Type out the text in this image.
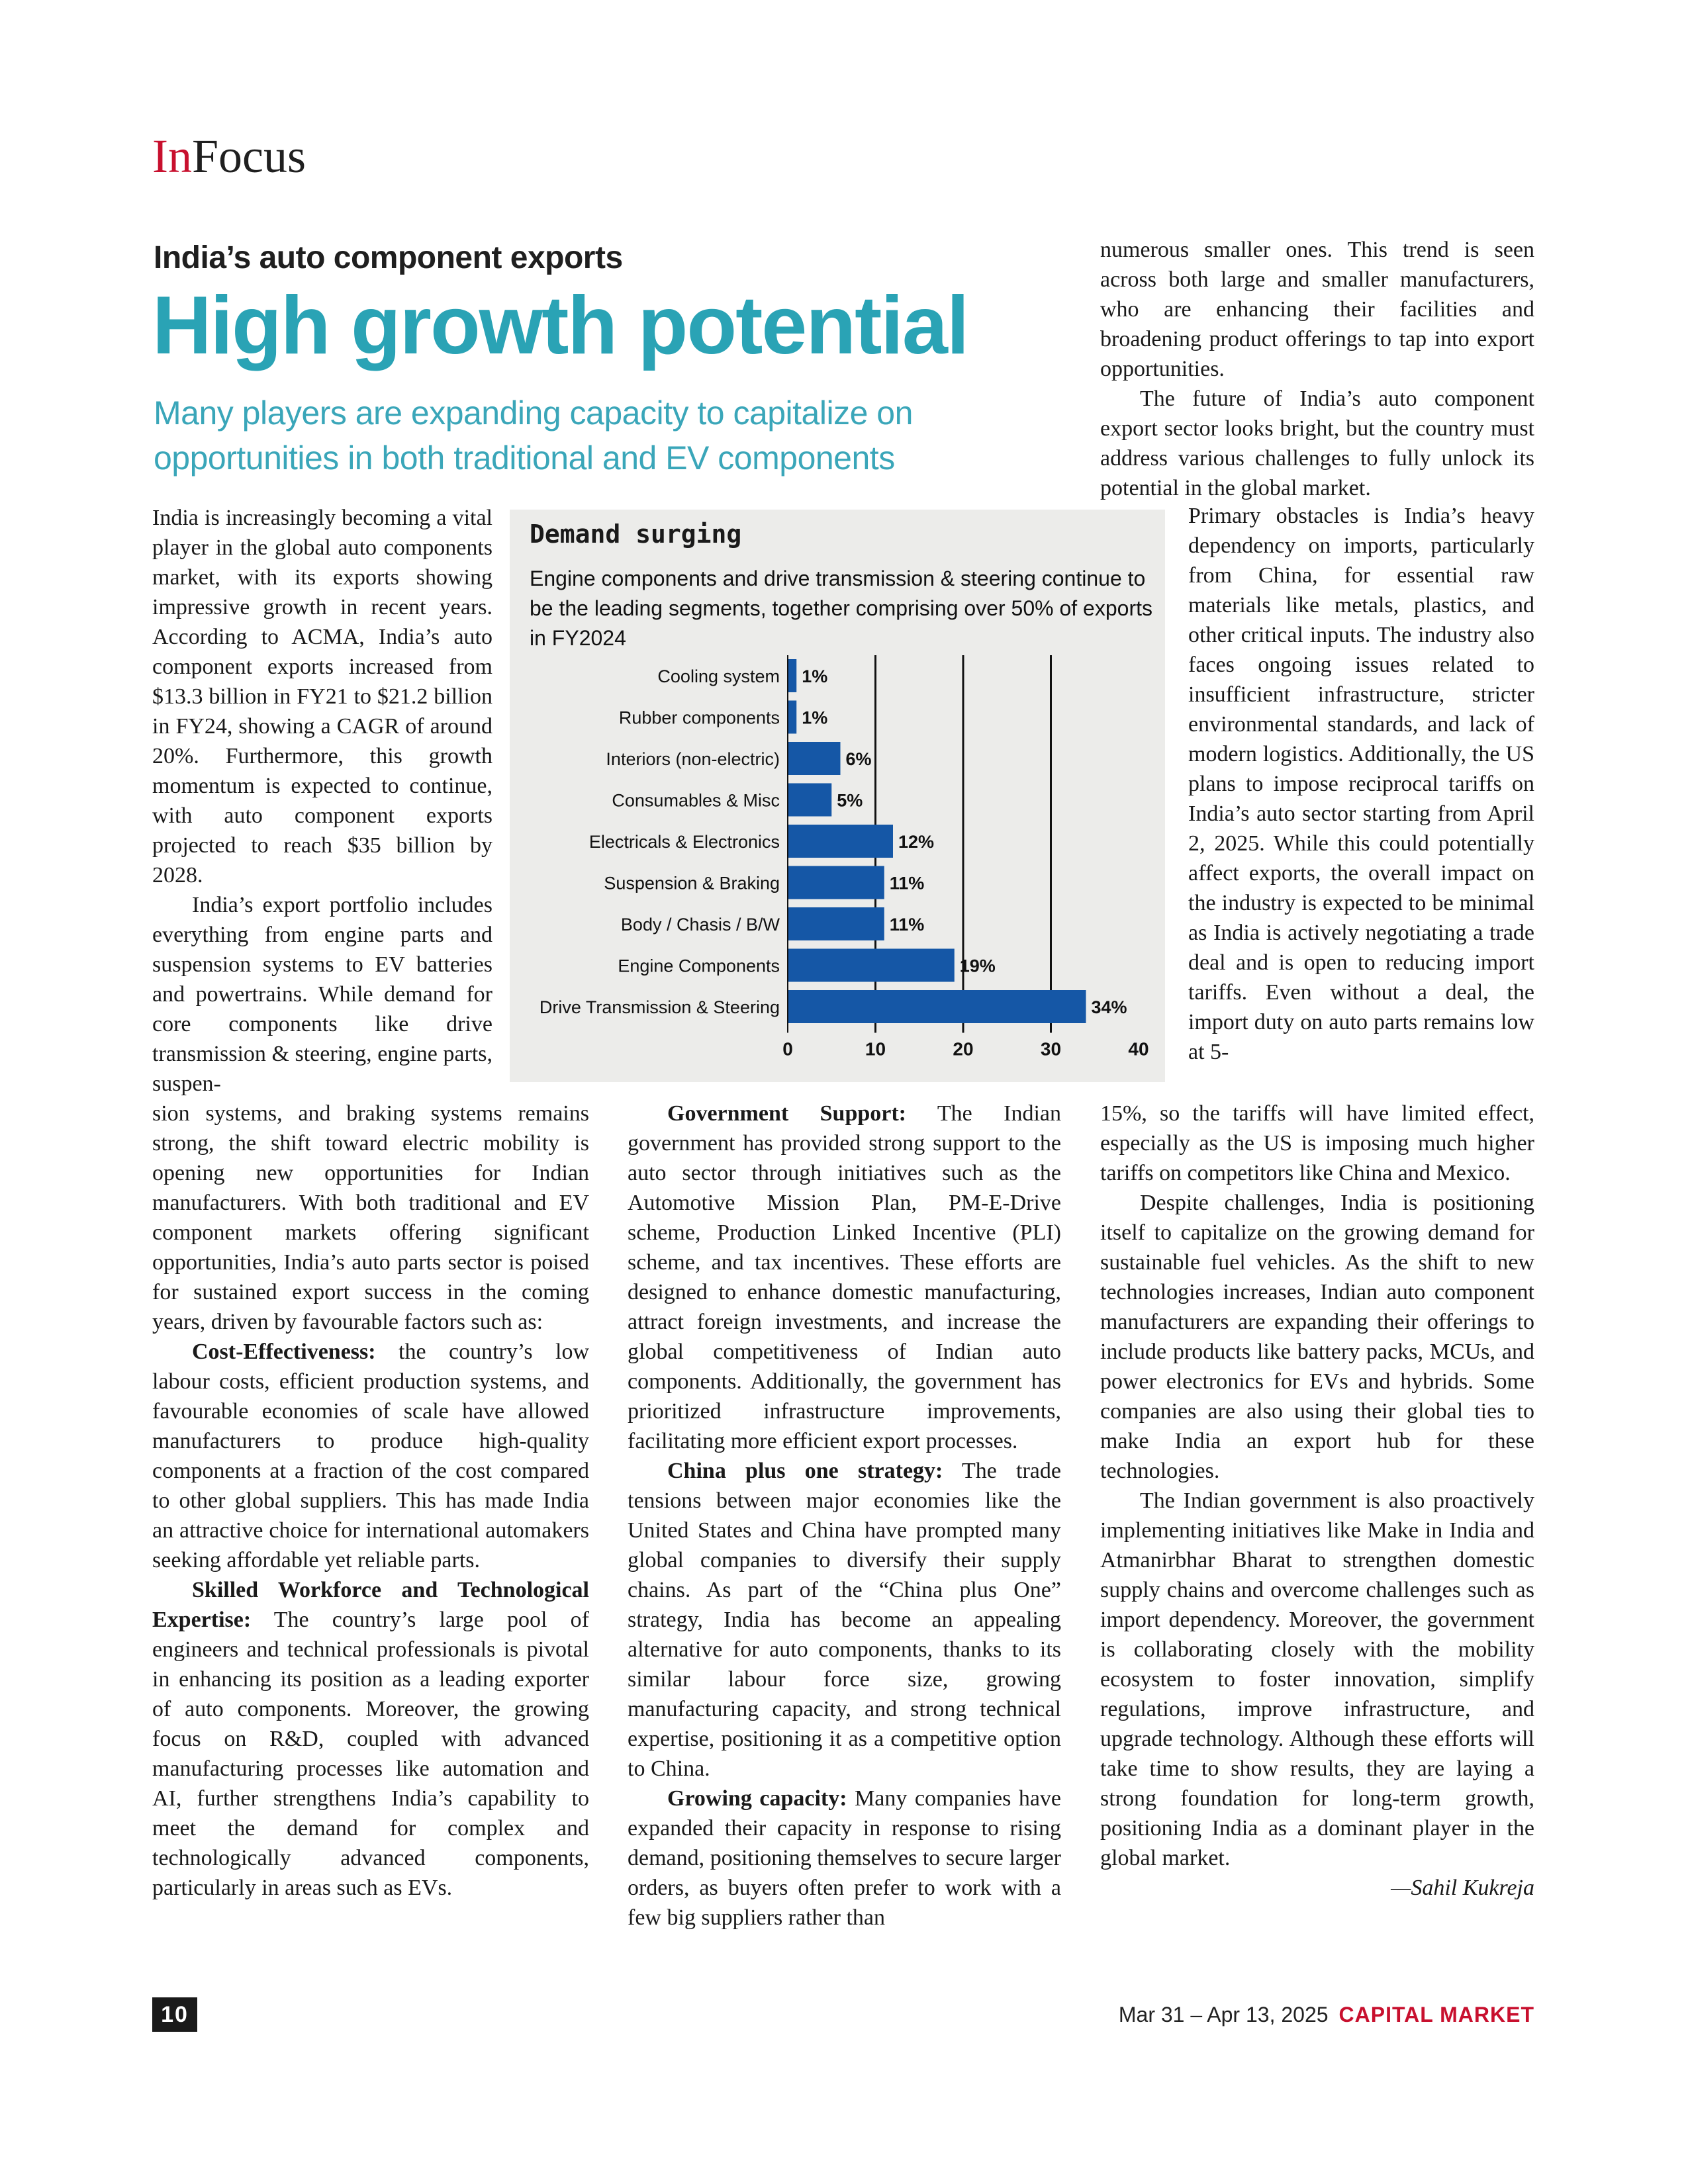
InFocus
India’s auto component exports
High growth potential
Many players are expanding capacity to capitalize on opportunities in both traditional and EV components
Demand surging
Engine components and drive transmission & steering continue to be the leading segments, together comprising over 50% of exports in FY2024
Cooling system 1%
Rubber components 1%
Interiors (non-electric)	6%
Consumables & Misc	5%
Electricals & Electronics	12%
Suspension & Braking	11%
Body / Chasis / B/W	11%
Engine Components	19%
Drive Transmission & Steering	34%
0	10	20	30	40

India is increasingly becoming a vital player in the global auto components market, with its exports showing impressive growth in recent years. According to ACMA, India’s auto component exports increased from $13.3 billion in FY21 to $21.2 billion in FY24, showing a CAGR of around 20%. Furthermore, this growth momentum is expected to continue, with auto component exports projected to reach $35 billion by 2028.

India’s export portfolio includes everything from engine parts and suspension systems to EV batteries and powertrains. While demand for core components like drive transmission & steering, engine parts, suspen-

sion systems, and braking systems remains strong, the shift toward electric mobility is opening new opportunities for Indian manufacturers. With both traditional and EV component markets offering significant opportunities, India’s auto parts sector is poised for sustained export success in the coming years, driven by favourable factors such as:

Cost-Effectiveness: the country’s low labour costs, efficient production systems, and favourable economies of scale have allowed manufacturers to produce high-quality components at a fraction of the cost compared to other global suppliers. This has made India an attractive choice for international automakers seeking affordable yet reliable parts.

Skilled Workforce and Technological Expertise: The country’s large pool of engineers and technical professionals is pivotal in enhancing its position as a leading exporter of auto components. Moreover, the growing focus on R&D, coupled with advanced manufacturing processes like automation and AI, further strengthens India’s capability to meet the demand for complex and technologically advanced components, particularly in areas such as EVs.

Government Support: The Indian government has provided strong support to the auto sector through initiatives such as the Automotive Mission Plan, PM-E-Drive scheme, Production Linked Incentive (PLI) scheme, and tax incentives. These efforts are designed to enhance domestic manufacturing, attract foreign investments, and increase the global competitiveness of Indian auto components. Additionally, the government has prioritized infrastructure improvements, facilitating more efficient export processes.

China plus one strategy: The trade tensions between major economies like the United States and China have prompted many global companies to diversify their supply chains. As part of the “China plus One” strategy, India has become an appealing alternative for auto components, thanks to its similar labour force size, growing manufacturing capacity, and strong technical expertise, positioning it as a competitive option to China.

Growing capacity: Many companies have expanded their capacity in response to rising demand, positioning themselves to secure larger orders, as buyers often prefer to work with a few big suppliers rather than

numerous smaller ones. This trend is seen across both large and smaller manufacturers, who are enhancing their facilities and broadening product offerings to tap into export opportunities.

The future of India’s auto component export sector looks bright, but the country must address various challenges to fully unlock its potential in the global market.

Primary obstacles is India’s heavy dependency on imports, particularly from China, for essential raw materials like metals, plastics, and other critical inputs. The industry also faces ongoing issues related to insufficient infrastructure, stricter environmental standards, and lack of modern logistics. Additionally, the US plans to impose reciprocal tariffs on India’s auto sector starting from April 2, 2025. While this could potentially affect exports, the overall impact on the industry is expected to be minimal as India is actively negotiating a trade deal and is open to reducing import tariffs. Even without a deal, the import duty on auto parts remains low at 5-

15%, so the tariffs will have limited effect, especially as the US is imposing much higher tariffs on competitors like China and Mexico.

Despite challenges, India is positioning itself to capitalize on the growing demand for sustainable fuel vehicles. As the shift to new technologies increases, Indian auto component manufacturers are expanding their offerings to include products like battery packs, MCUs, and power electronics for EVs and hybrids. Some companies are also using their global ties to make India an export hub for these technologies.

The Indian government is also proactively implementing initiatives like Make in India and Atmanirbhar Bharat to strengthen domestic supply chains and overcome challenges such as import dependency. Moreover, the government is collaborating closely with the mobility ecosystem to foster innovation, simplify regulations, improve infrastructure, and upgrade technology. Although these efforts will take time to show results, they are laying a strong foundation for long-term growth, positioning India as a dominant player in the global market.

—Sahil Kukreja

10	Mar 31 – Apr 13, 2025 CAPITAL MARKET
